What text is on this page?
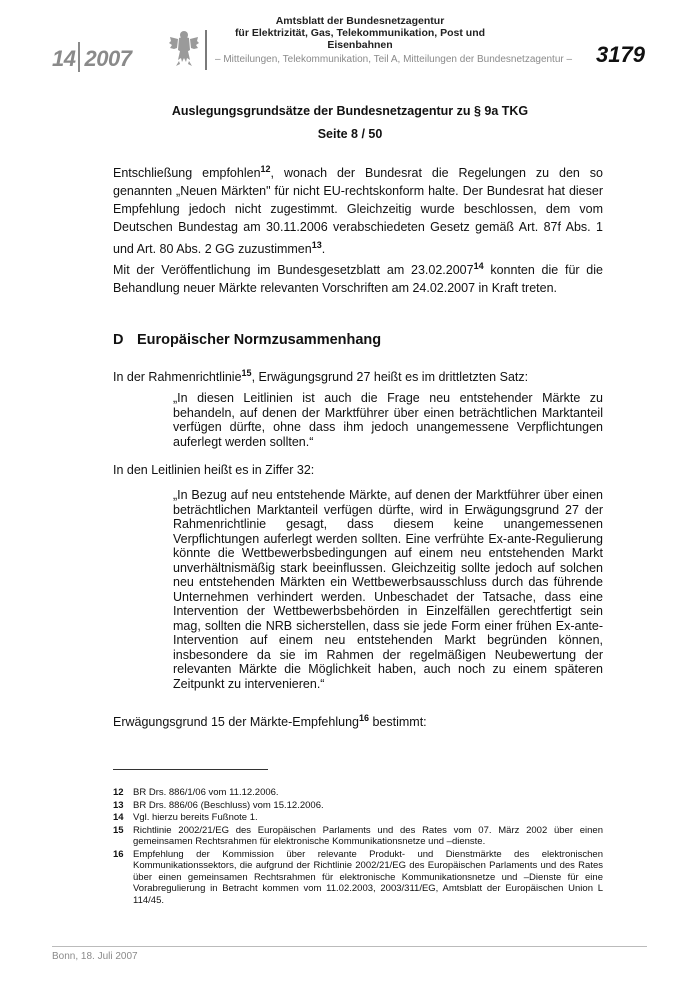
14 2007
Amtsblatt der Bundesnetzagentur
für Elektrizität, Gas, Telekommunikation, Post und Eisenbahnen
– Mitteilungen, Telekommunikation, Teil A, Mitteilungen der Bundesnetzagentur – 3179
Auslegungsgrundsätze der Bundesnetzagentur zu § 9a TKG
Seite 8 / 50
Entschließung empfohlen$^{12}$, wonach der Bundesrat die Regelungen zu den so genannten „Neuen Märkten" für nicht EU-rechtskonform halte. Der Bundesrat hat dieser Empfehlung jedoch nicht zugestimmt. Gleichzeitig wurde beschlossen, dem vom Deutschen Bundestag am 30.11.2006 verabschiedeten Gesetz gemäß Art. 87f Abs. 1 und Art. 80 Abs. 2 GG zuzustimmen$^{13}$.
Mit der Veröffentlichung im Bundesgesetzblatt am 23.02.2007$^{14}$ konnten die für die Behandlung neuer Märkte relevanten Vorschriften am 24.02.2007 in Kraft treten.
D Europäischer Normzusammenhang
In der Rahmenrichtlinie$^{15}$, Erwägungsgrund 27 heißt es im drittletzten Satz:
„In diesen Leitlinien ist auch die Frage neu entstehender Märkte zu behandeln, auf denen der Marktführer über einen beträchtlichen Marktanteil verfügen dürfte, ohne dass ihm jedoch unangemessene Verpflichtungen auferlegt werden sollten.“
In den Leitlinien heißt es in Ziffer 32:
„In Bezug auf neu entstehende Märkte, auf denen der Marktführer über einen beträchtlichen Marktanteil verfügen dürfte, wird in Erwägungsgrund 27 der Rahmenrichtlinie gesagt, dass diesem keine unangemessenen Verpflichtungen auferlegt werden sollten. Eine verfrühte Ex-ante-Regulierung könnte die Wettbewerbsbedingungen auf einem neu entstehenden Markt unverhältnismäßig stark beeinflussen. Gleichzeitig sollte jedoch auf solchen neu entstehenden Märkten ein Wettbewerbsausschluss durch das führende Unternehmen verhindert werden. Unbeschadet der Tatsache, dass eine Intervention der Wettbewerbsbehörden in Einzelfällen gerechtfertigt sein mag, sollten die NRB sicherstellen, dass sie jede Form einer frühen Ex-ante-Intervention auf einem neu entstehenden Markt begründen können, insbesondere da sie im Rahmen der regelmäßigen Neubewertung der relevanten Märkte die Möglichkeit haben, auch noch zu einem späteren Zeitpunkt zu intervenieren.“
Erwägungsgrund 15 der Märkte-Empfehlung$^{16}$ bestimmt:
12 BR Drs. 886/1/06 vom 11.12.2006.
13 BR Drs. 886/06 (Beschluss) vom 15.12.2006.
14 Vgl. hierzu bereits Fußnote 1.
15 Richtlinie 2002/21/EG des Europäischen Parlaments und des Rates vom 07. März 2002 über einen gemeinsamen Rechtsrahmen für elektronische Kommunikationsnetze und –dienste.
16 Empfehlung der Kommission über relevante Produkt- und Dienstmärkte des elektronischen Kommunikationssektors, die aufgrund der Richtlinie 2002/21/EG des Europäischen Parlaments und des Rates über einen gemeinsamen Rechtsrahmen für elektronische Kommunikationsnetze und –Dienste für eine Vorabregulierung in Betracht kommen vom 11.02.2003, 2003/311/EG, Amtsblatt der Europäischen Union L 114/45.
Bonn, 18. Juli 2007
